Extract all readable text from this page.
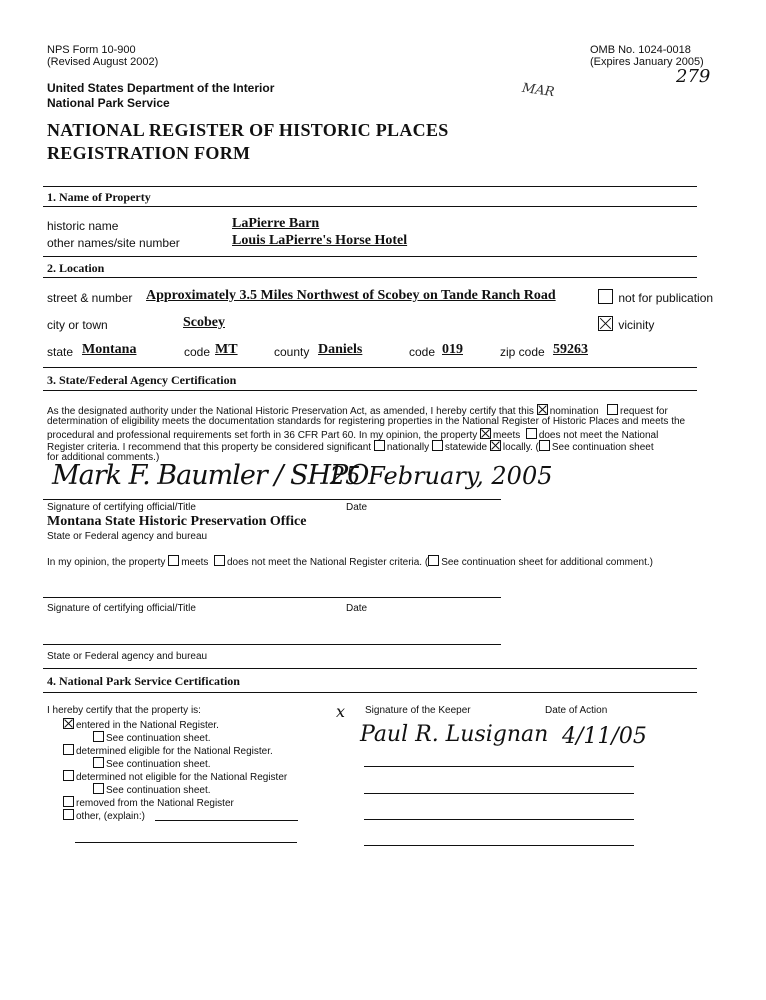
NPS Form 10-900
(Revised August 2002)
OMB No. 1024-0018
(Expires January 2005)
279
United States Department of the Interior
National Park Service
MAR
NATIONAL REGISTER OF HISTORIC PLACES
REGISTRATION FORM
1. Name of Property
historic name	LaPierre Barn
other names/site number	Louis LaPierre's Horse Hotel
2. Location
street & number Approximately 3.5 Miles Northwest of Scobey on Tande Ranch Road	not for publication
city or town	Scobey	vicinity
state Montana	code MT	county Daniels	code 019	zip code 59263
3. State/Federal Agency Certification
As the designated authority under the National Historic Preservation Act, as amended, I hereby certify that this nomination request for
determination of eligibility meets the documentation standards for registering properties in the National Register of Historic Places and meets the
procedural and professional requirements set forth in 36 CFR Part 60. In my opinion, the property meets does not meet the National
Register criteria. I recommend that this property be considered significant nationally statewide locally. ( See continuation sheet
for additional comments.)
Mark F. Baumler / SHPO
25 February, 2005
Signature of certifying official/Title	Date
Montana State Historic Preservation Office
State or Federal agency and bureau
In my opinion, the property meets does not meet the National Register criteria. ( See continuation sheet for additional comment.)
Signature of certifying official/Title	Date
State or Federal agency and bureau
4. National Park Service Certification
I hereby certify that the property is:
entered in the National Register.
See continuation sheet.
determined eligible for the National Register.
See continuation sheet.
determined not eligible for the National Register
See continuation sheet.
removed from the National Register
other, (explain:)
x Signature of the Keeper	Date of Action
Paul R. Lusignan 4/11/05
